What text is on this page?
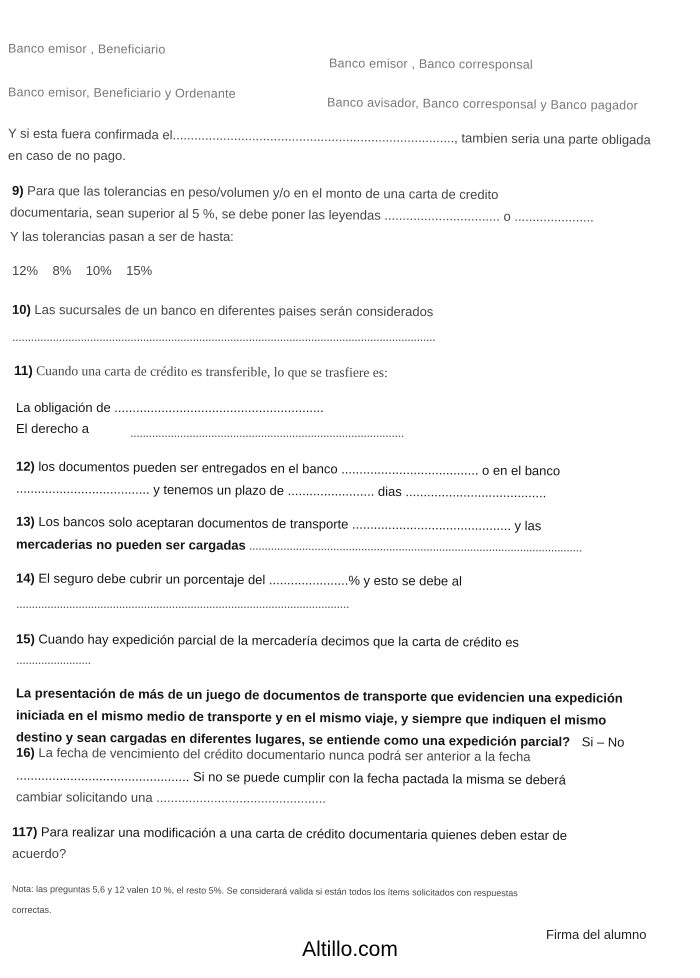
Banco emisor , Beneficiario
Banco emisor , Banco corresponsal
Banco emisor, Beneficiario y Ordenante
Banco avisador, Banco corresponsal y Banco pagador
Y si esta fuera confirmada el.............................................................................., tambien seria una parte obligada
en caso de no pago.
9) Para que las tolerancias en peso/volumen y/o en el monto de una carta de credito
documentaria, sean superior al 5 %, se debe poner las leyendas ................................ o ......................
Y las tolerancias pasan a ser de hasta:
12%    8%    10%    15%
10) Las sucursales de un banco en diferentes paises serán considerados
........................................................................................................................................
11) Cuando una carta de crédito es transferible, lo que se trasfiere es:
La obligación de ..........................................................
El derecho a	........................................................................................
12) los documentos pueden ser entregados en el banco ...................................... o en el banco
..................................... y tenemos un plazo de ........................ dias .......................................
13) Los bancos solo aceptaran documentos de transporte ............................................ y las
mercaderias no pueden ser cargadas ...........................................................................................................
14) El seguro debe cubrir un porcentaje del ......................% y esto se debe al
...........................................................................................................
15) Cuando hay expedición parcial de la mercadería decimos que la carta de crédito es
........................
La presentación de más de un juego de documentos de transporte que evidencien una expedición
iniciada en el mismo medio de transporte y en el mismo viaje, y siempre que indiquen el mismo
destino y sean cargadas en diferentes lugares, se entiende como una expedición parcial? Si – No
16) La fecha de vencimiento del crédito documentario nunca podrá ser anterior a la fecha
................................................ Si no se puede cumplir con la fecha pactada la misma se deberá
cambiar solicitando una ...............................................
117) Para realizar una modificación a una carta de crédito documentaria quienes deben estar de
acuerdo?
Nota: las preguntas 5,6 y 12 valen 10 %, el resto 5%. Se considerará valida si están todos los ítems solicitados con respuestas
correctas.
Firma del alumno
Altillo.com
